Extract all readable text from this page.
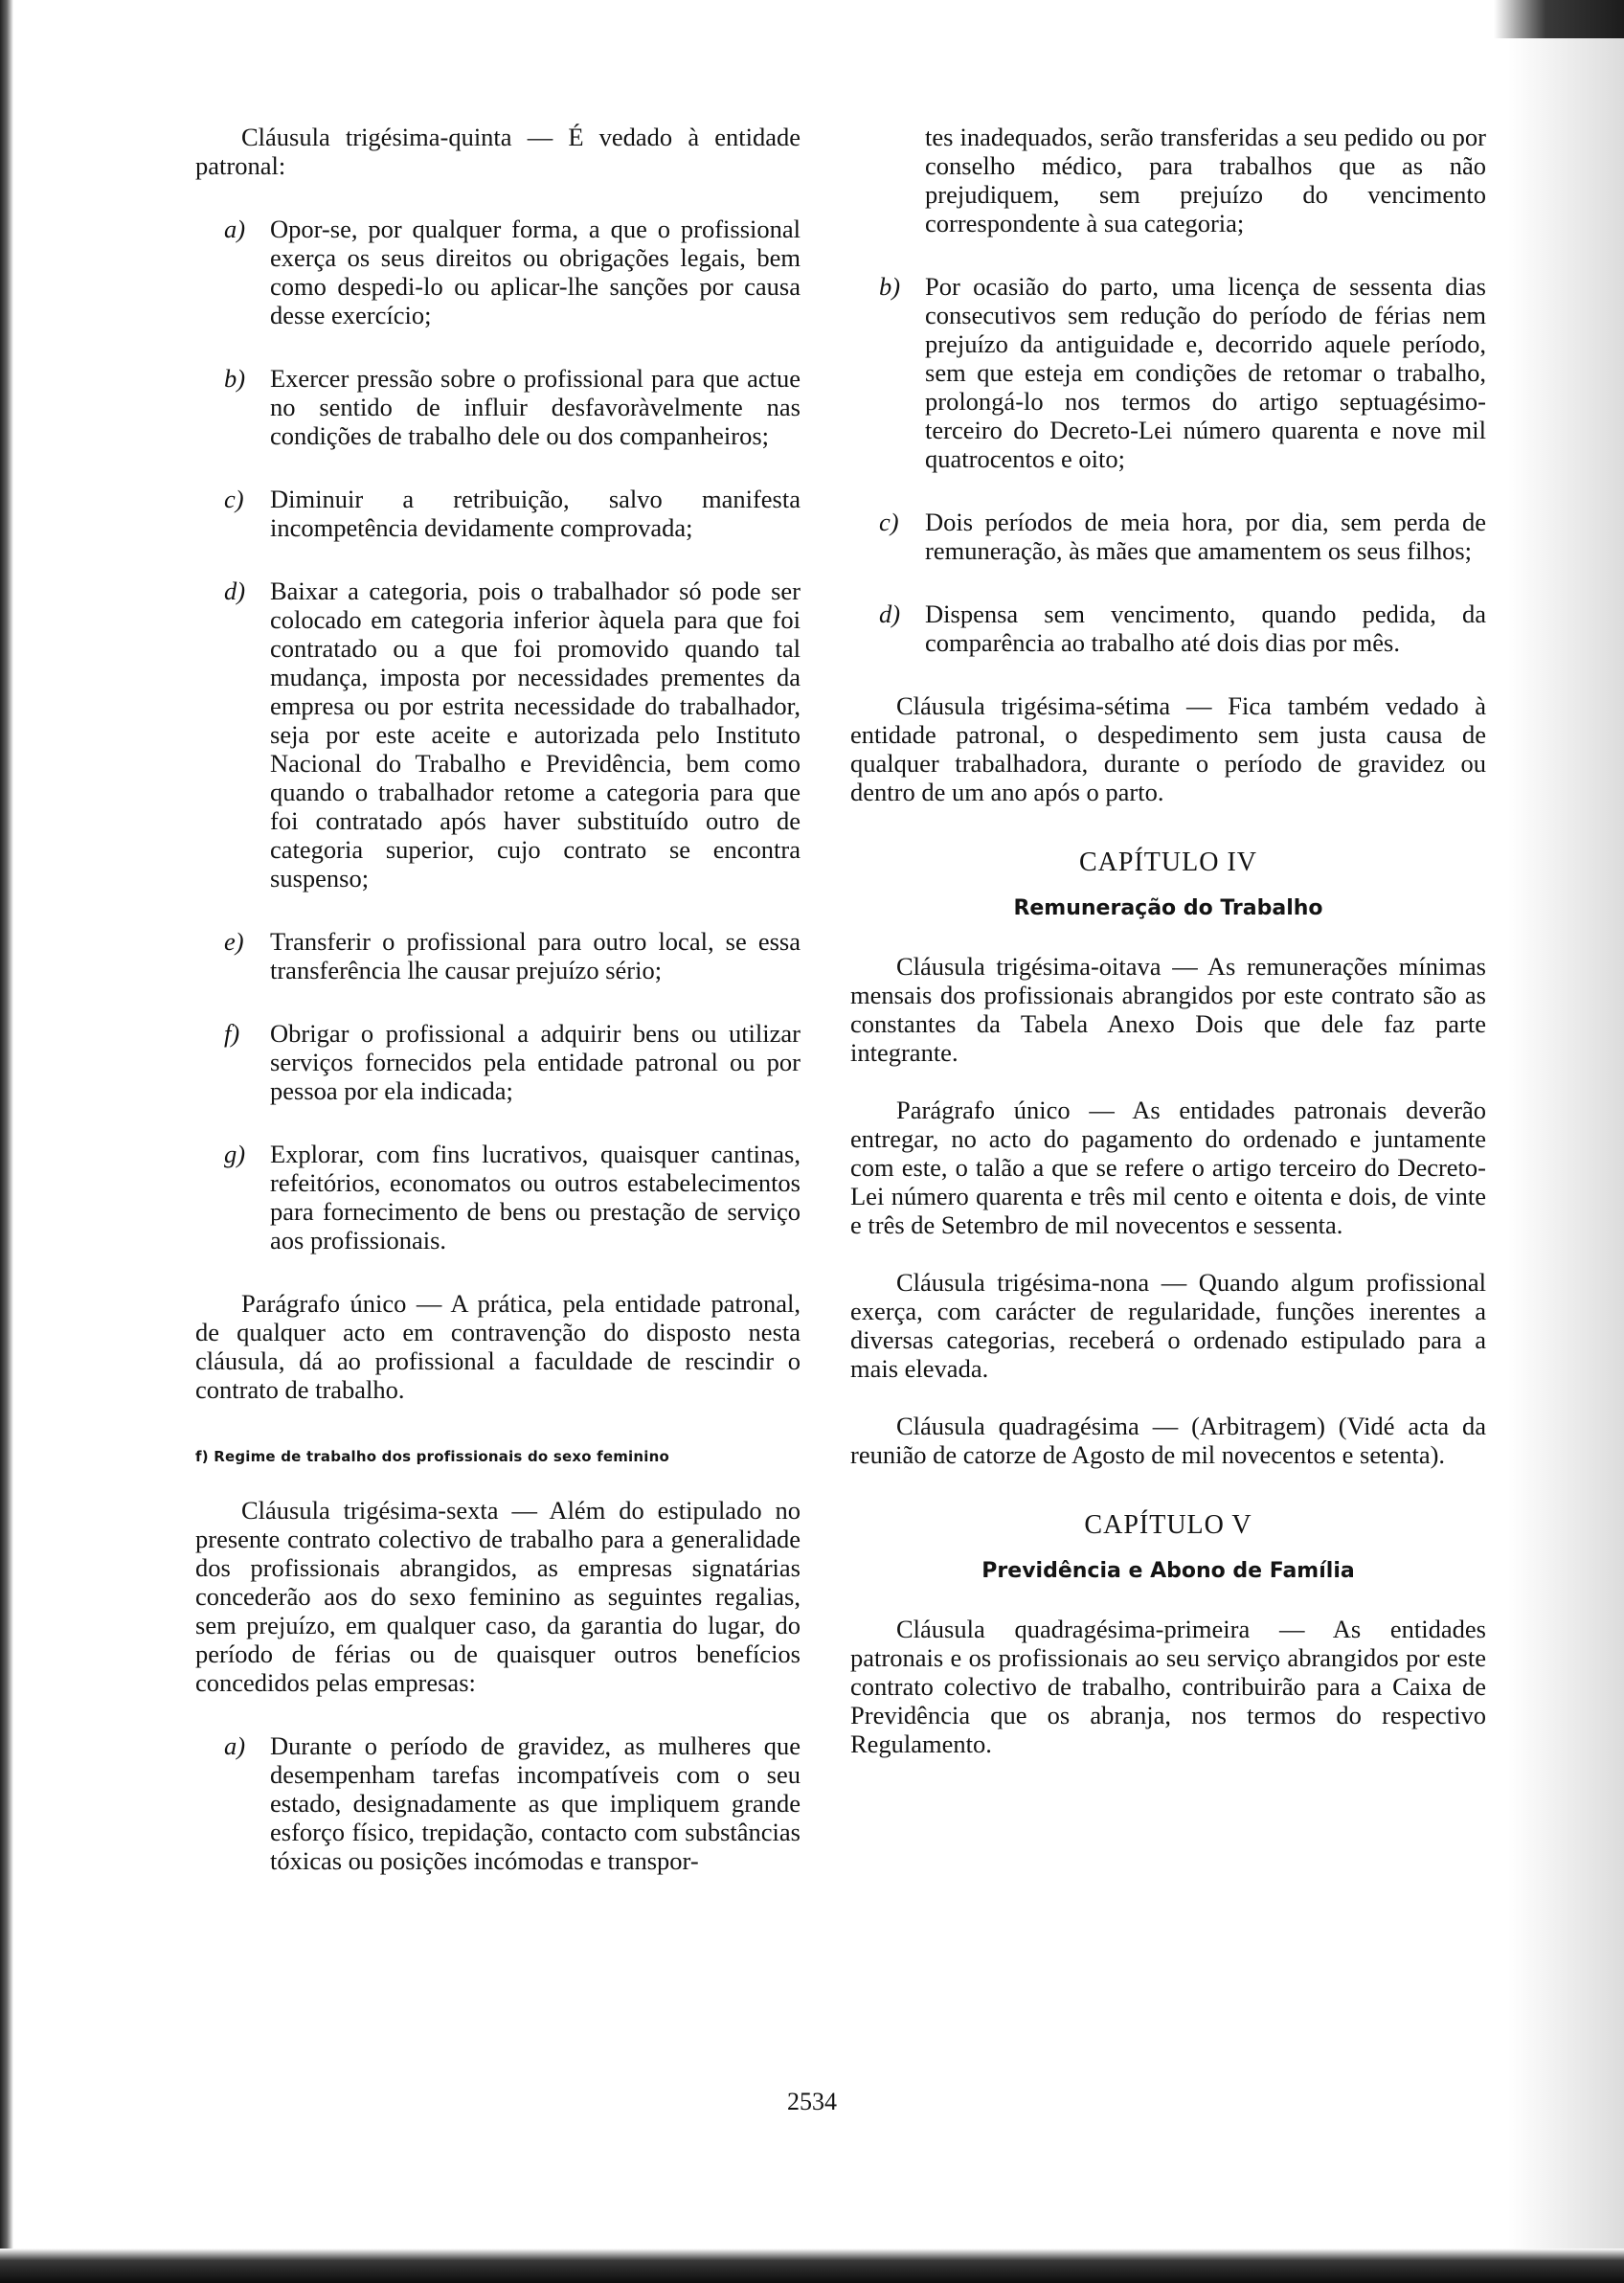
Cláusula trigésima-quinta — É vedado à entidade patronal:

a) Opor-se, por qualquer forma, a que o profissional exerça os seus direitos ou obrigações legais, bem como despedi-lo ou aplicar-lhe sanções por causa desse exercício;
b) Exercer pressão sobre o profissional para que actue no sentido de influir desfavoràvelmente nas condições de trabalho dele ou dos companheiros;
c)	Diminuir a retribuição, salvo manifesta incompetência devidamente comprovada;
d) Baixar a categoria, pois o trabalhador só pode ser colocado em categoria inferior àquela para que foi contratado ou a que foi promovido quando tal mudança, imposta por necessidades prementes da empresa ou por estrita necessidade do trabalhador, seja por este aceite e autorizada pelo Instituto Nacional do Trabalho e Previdência, bem como quando o trabalhador retome a categoria para que foi contratado após haver substituído outro de categoria superior, cujo contrato se encontra suspenso;
e)	Transferir o profissional para outro local, se essa transferência lhe causar prejuízo sério;
f)	Obrigar o profissional a adquirir bens ou utilizar serviços fornecidos pela entidade patronal ou por pessoa por ela indicada;
g) Explorar, com fins lucrativos, quaisquer cantinas, refeitórios, economatos ou outros estabelecimentos para fornecimento de bens ou prestação de serviço aos profissionais.

Parágrafo único — A prática, pela entidade patronal, de qualquer acto em contravenção do disposto nesta cláusula, dá ao profissional a faculdade de rescindir o contrato de trabalho.

f) Regime de trabalho dos profissionais do sexo feminino

Cláusula trigésima-sexta — Além do estipulado no presente contrato colectivo de trabalho para a generalidade dos profissionais abrangidos, as empresas signatárias concederão aos do sexo feminino as seguintes regalias, sem prejuízo, em qualquer caso, da garantia do lugar, do período de férias ou de quaisquer outros benefícios concedidos pelas empresas:

a) Durante o período de gravidez, as mulheres que desempenham tarefas incompatíveis com o seu estado, designadamente as que impliquem grande esforço físico, trepidação, contacto com substâncias tóxicas ou posições incómodas e transpor-
tes inadequados, serão transferidas a seu pedido ou por conselho médico, para trabalhos que as não prejudiquem, sem prejuízo do vencimento correspondente à sua categoria;
b) Por ocasião do parto, uma licença de sessenta dias consecutivos sem redução do período de férias nem prejuízo da antiguidade e, decorrido aquele período, sem que esteja em condições de retomar o trabalho, prolongá-lo nos termos do artigo septuagésimo-terceiro do Decreto-Lei número quarenta e nove mil quatrocentos e oito;
c)	Dois períodos de meia hora, por dia, sem perda de remuneração, às mães que amamentem os seus filhos;
d) Dispensa sem vencimento, quando pedida, da comparência ao trabalho até dois dias por mês.

Cláusula trigésima-sétima — Fica também vedado à entidade patronal, o despedimento sem justa causa de qualquer trabalhadora, durante o período de gravidez ou dentro de um ano após o parto.

CAPÍTULO IV
Remuneração do Trabalho

Cláusula trigésima-oitava — As remunerações mínimas mensais dos profissionais abrangidos por este contrato são as constantes da Tabela Anexo Dois que dele faz parte integrante.

Parágrafo único — As entidades patronais deverão entregar, no acto do pagamento do ordenado e juntamente com este, o talão a que se refere o artigo terceiro do Decreto-Lei número quarenta e três mil cento e oitenta e dois, de vinte e três de Setembro de mil novecentos e sessenta.

Cláusula trigésima-nona — Quando algum profissional exerça, com carácter de regularidade, funções inerentes a diversas categorias, receberá o ordenado estipulado para a mais elevada.

Cláusula quadragésima — (Arbitragem) (Vidé acta da reunião de catorze de Agosto de mil novecentos e setenta).

CAPÍTULO V
Previdência e Abono de Família

Cláusula quadragésima-primeira — As entidades patronais e os profissionais ao seu serviço abrangidos por este contrato colectivo de trabalho, contribuirão para a Caixa de Previdência que os abranja, nos termos do respectivo Regulamento.

2534
